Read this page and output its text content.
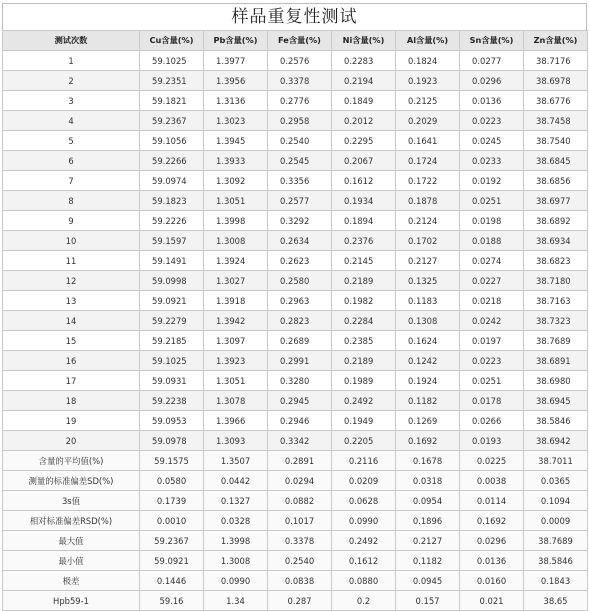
样品重复性测试
测试次数	Cu含量(%)	Pb含量(%)	Fe含量(%)	Ni含量(%)	Al含量(%)	Sn含量(%)	Zn含量(%)
1	59.1025	1.3977	0.2576	0.2283	0.1824	0.0277	38.7176
2	59.2351	1.3956	0.3378	0.2194	0.1923	0.0296	38.6978
3	59.1821	1.3136	0.2776	0.1849	0.2125	0.0136	38.6776
4	59.2367	1.3023	0.2958	0.2012	0.2029	0.0223	38.7458
5	59.1056	1.3945	0.2540	0.2295	0.1641	0.0245	38.7540
6	59.2266	1.3933	0.2545	0.2067	0.1724	0.0233	38.6845
7	59.0974	1.3092	0.3356	0.1612	0.1722	0.0192	38.6856
8	59.1823	1.3051	0.2577	0.1934	0.1878	0.0251	38.6977
9	59.2226	1.3998	0.3292	0.1894	0.2124	0.0198	38.6892
10	59.1597	1.3008	0.2634	0.2376	0.1702	0.0188	38.6934
11	59.1491	1.3924	0.2623	0.2145	0.2127	0.0274	38.6823
12	59.0998	1.3027	0.2580	0.2189	0.1325	0.0227	38.7180
13	59.0921	1.3918	0.2963	0.1982	0.1183	0.0218	38.7163
14	59.2279	1.3942	0.2823	0.2284	0.1308	0.0242	38.7323
15	59.2185	1.3097	0.2689	0.2385	0.1624	0.0197	38.7689
16	59.1025	1.3923	0.2991	0.2189	0.1242	0.0223	38.6891
17	59.0931	1.3051	0.3280	0.1989	0.1924	0.0251	38.6980
18	59.2238	1.3078	0.2945	0.2492	0.1182	0.0178	38.6945
19	59.0953	1.3966	0.2946	0.1949	0.1269	0.0266	38.5846
20	59.0978	1.3093	0.3342	0.2205	0.1692	0.0193	38.6942
含量的平均值(%)	59.1575	1.3507	0.2891	0.2116	0.1678	0.0225	38.7011
测量的标准偏差SD(%)	0.0580	0.0442	0.0294	0.0209	0.0318	0.0038	0.0365
3s值	0.1739	0.1327	0.0882	0.0628	0.0954	0.0114	0.1094
相对标准偏差RSD(%)	0.0010	0.0328	0.1017	0.0990	0.1896	0.1692	0.0009
最大值	59.2367	1.3998	0.3378	0.2492	0.2127	0.0296	38.7689
最小值	59.0921	1.3008	0.2540	0.1612	0.1182	0.0136	38.5846
极差	0.1446	0.0990	0.0838	0.0880	0.0945	0.0160	0.1843
Hpb59-1	59.16	1.34	0.287	0.2	0.157	0.021	38.65
